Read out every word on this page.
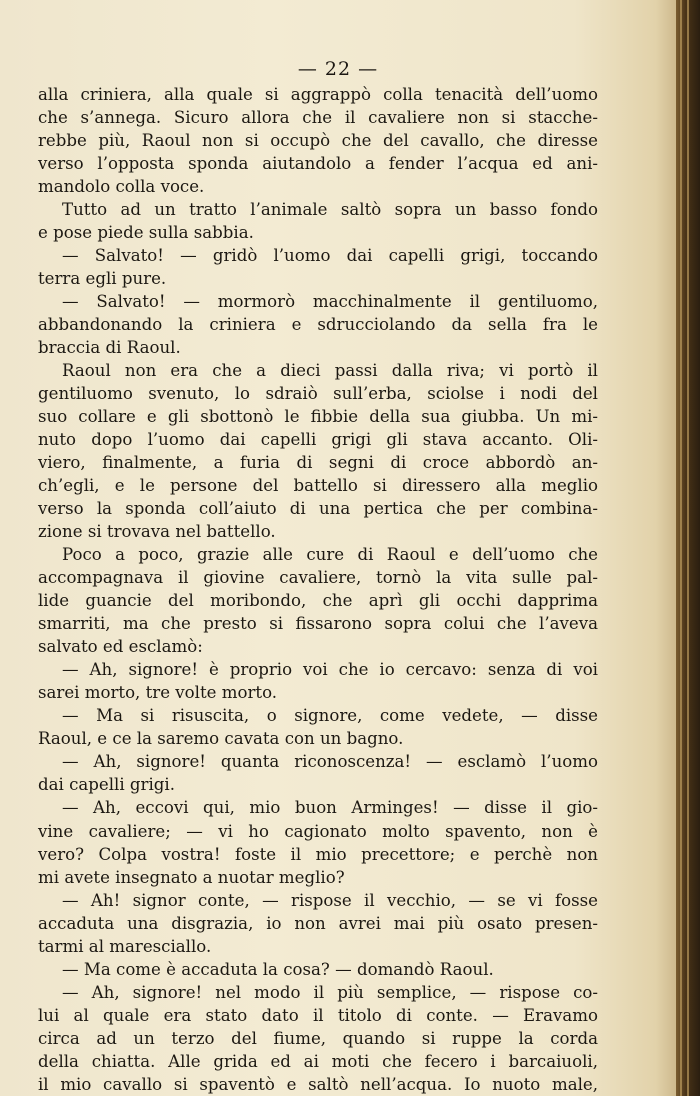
— 22 —
alla criniera, alla quale si aggrappò colla tenacità dell’uomo
che s’annega. Sicuro allora che il cavaliere non si stacche-
rebbe più, Raoul non si occupò che del cavallo, che diresse
verso l’opposta sponda aiutandolo a fender l’acqua ed ani-
mandolo colla voce.
Tutto ad un tratto l’animale saltò sopra un basso fondo
e pose piede sulla sabbia.
— Salvato! — gridò l’uomo dai capelli grigi, toccando
terra egli pure.
— Salvato! — mormorò macchinalmente il gentiluomo,
abbandonando la criniera e sdrucciolando da sella fra le
braccia di Raoul.
Raoul non era che a dieci passi dalla riva; vi portò il
gentiluomo svenuto, lo sdraiò sull’erba, sciolse i nodi del
suo collare e gli sbottonò le fibbie della sua giubba. Un mi-
nuto dopo l’uomo dai capelli grigi gli stava accanto. Oli-
viero, finalmente, a furia di segni di croce abbordò an-
ch’egli, e le persone del battello si diressero alla meglio
verso la sponda coll’aiuto di una pertica che per combina-
zione si trovava nel battello.
Poco a poco, grazie alle cure di Raoul e dell’uomo che
accompagnava il giovine cavaliere, tornò la vita sulle pal-
lide guancie del moribondo, che aprì gli occhi dapprima
smarriti, ma che presto si fissarono sopra colui che l’aveva
salvato ed esclamò:
— Ah, signore! è proprio voi che io cercavo: senza di voi
sarei morto, tre volte morto.
— Ma si risuscita, o signore, come vedete, — disse
Raoul, e ce la saremo cavata con un bagno.
— Ah, signore! quanta riconoscenza! — esclamò l’uomo
dai capelli grigi.
— Ah, eccovi qui, mio buon Arminges! — disse il gio-
vine cavaliere; — vi ho cagionato molto spavento, non è
vero? Colpa vostra! foste il mio precettore; e perchè non
mi avete insegnato a nuotar meglio?
— Ah! signor conte, — rispose il vecchio, — se vi fosse
accaduta una disgrazia, io non avrei mai più osato presen-
tarmi al maresciallo.
— Ma come è accaduta la cosa? — domandò Raoul.
— Ah, signore! nel modo il più semplice, — rispose co-
lui al quale era stato dato il titolo di conte. — Eravamo
circa ad un terzo del fiume, quando si ruppe la corda
della chiatta. Alle grida ed ai moti che fecero i barcaiuoli,
il mio cavallo si spaventò e saltò nell’acqua. Io nuoto male,
